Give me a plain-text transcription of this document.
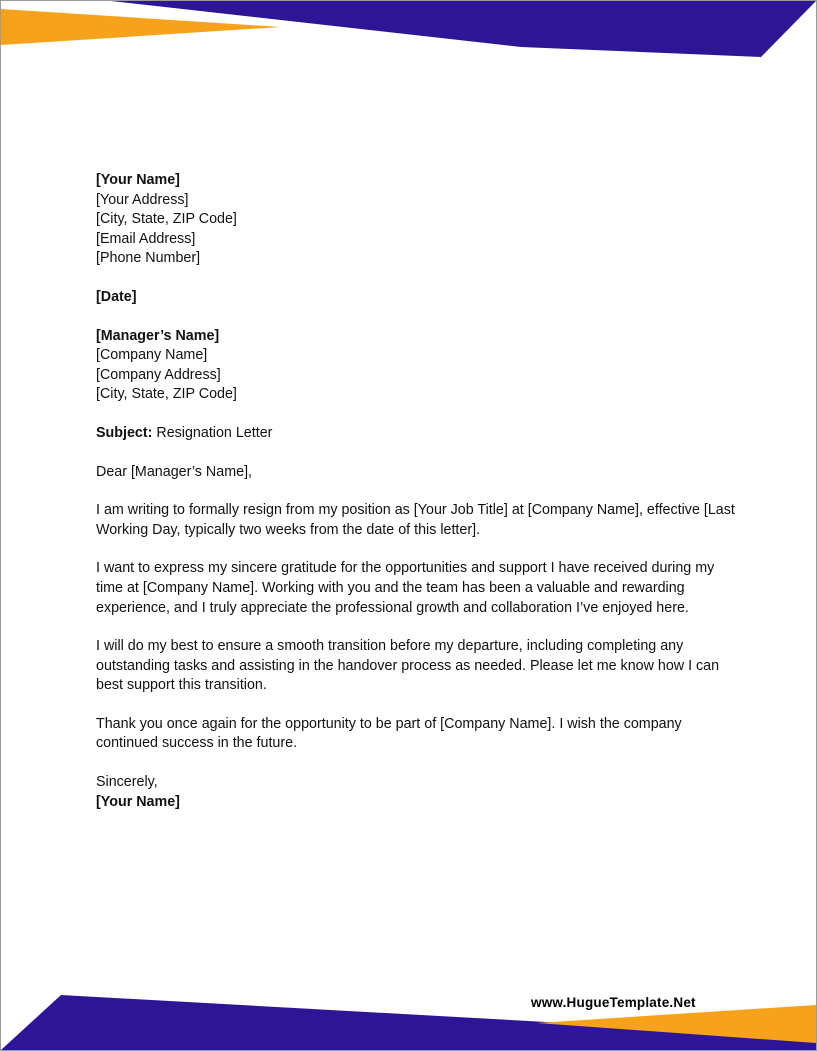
[Your Name]

[Your Address]

[City, State, ZIP Code]

[Email Address]

[Phone Number]

[Date]

[Manager’s Name]

[Company Name]

[Company Address]

[City, State, ZIP Code]

Subject: Resignation Letter

Dear [Manager’s Name],

I am writing to formally resign from my position as [Your Job Title] at [Company Name], effective [Last Working Day, typically two weeks from the date of this letter].

I want to express my sincere gratitude for the opportunities and support I have received during my time at [Company Name]. Working with you and the team has been a valuable and rewarding experience, and I truly appreciate the professional growth and collaboration I’ve enjoyed here.

I will do my best to ensure a smooth transition before my departure, including completing any outstanding tasks and assisting in the handover process as needed. Please let me know how I can best support this transition.

Thank you once again for the opportunity to be part of [Company Name]. I wish the company continued success in the future.

Sincerely,

[Your Name]

www.HugueTemplate.Net
